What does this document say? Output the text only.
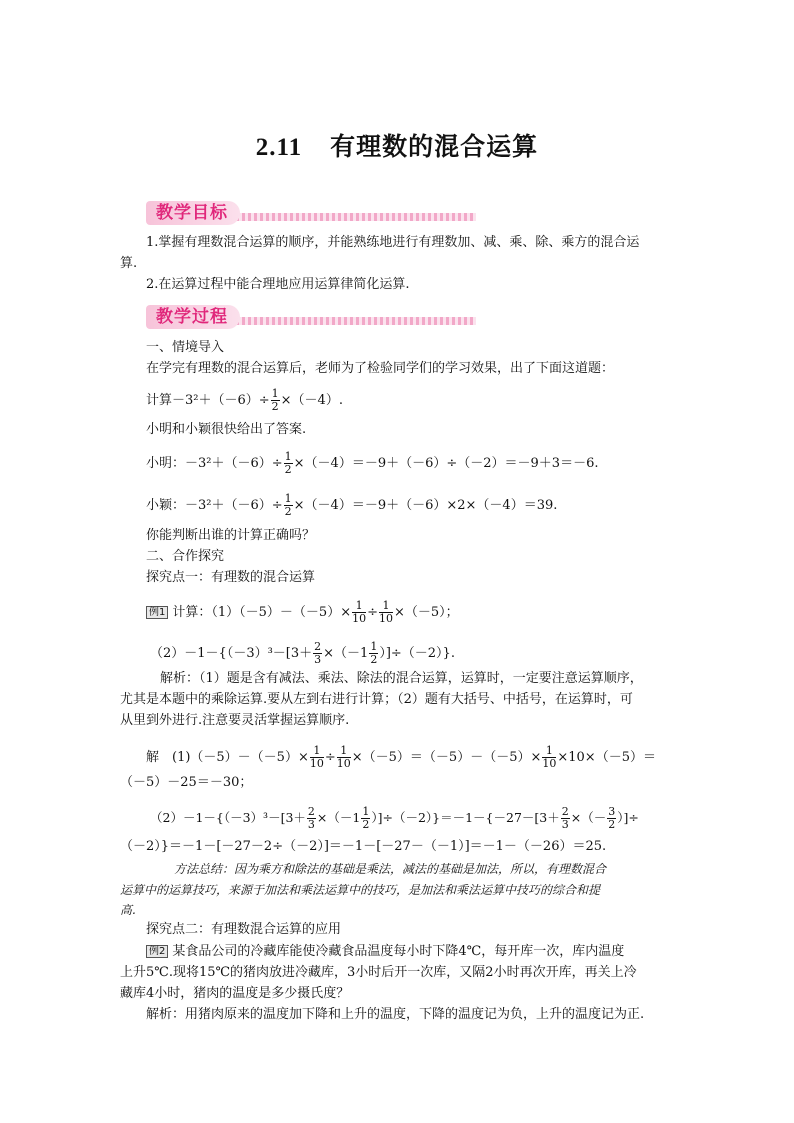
2.11 有理数的混合运算
教学目标
1.掌握有理数混合运算的顺序，并能熟练地进行有理数加、减、乘、除、乘方的混合运
算.
2.在运算过程中能合理地应用运算律简化运算.
教学过程
一、情境导入
在学完有理数的混合运算后，老师为了检验同学们的学习效果，出了下面这道题：
计算$-3^2+(-6)\div \frac{1}{2} \times(-4)$.
小明和小颖很快给出了答案.
小明：$-3^2+(-6)\div \frac{1}{2} \times(-4)=-9+(-6)\div(-2)=-9+3=-6$.
小颖：$-3^2+(-6)\div \frac{1}{2} \times(-4)=-9+(-6)\times 2\times(-4)=39$.
你能判断出谁的计算正确吗？
二、合作探究
探究点一：有理数的混合运算
例1 计算：$(1)(-5)-(-5)\times \frac{1}{10} \div \frac{1}{10} \times(-5)$；
$(2)-1-\{(-3)^3-[3+ \frac{2}{3} \times(-1 \frac{1}{2} )]\div(-2)\}$.
解析：（1）题是含有减法、乘法、除法的混合运算，运算时，一定要注意运算顺序，
尤其是本题中的乘除运算.要从左到右进行计算；（2）题有大括号、中括号，在运算时，可
从里到外进行.注意要灵活掌握运算顺序.
解　$(1)(-5)-(-5)\times \frac{1}{10} \div \frac{1}{10} \times(-5)=(-5)-(-5)\times \frac{1}{10} \times 10\times(-5)=$
（－5）－25＝－30；
$(2)-1-\{(-3)^3-[3+ \frac{2}{3} \times(-1 \frac{1}{2} )]\div(-2)\}=-1-\{-27-[3+ \frac{2}{3}$ ×（－ $\frac{3}{2}$ ）]÷
（－2）}＝－1－[－27－2÷（－2）]＝－1－[－27－（－1）]＝－1－（－26）＝25.
方法总结：因为乘方和除法的基础是乘法，减法的基础是加法，所以，有理数混合
运算中的运算技巧，来源于加法和乘法运算中的技巧，是加法和乘法运算中技巧的综合和提
高.
探究点二：有理数混合运算的应用
例2 某食品公司的冷藏库能使冷藏食品温度每小时下降4℃，每开库一次，库内温度
上升5℃.现将15℃的猪肉放进冷藏库，3小时后开一次库，又隔2小时再次开库，再关上冷
藏库4小时，猪肉的温度是多少摄氏度？
解析：用猪肉原来的温度加下降和上升的温度，下降的温度记为负，上升的温度记为正.
